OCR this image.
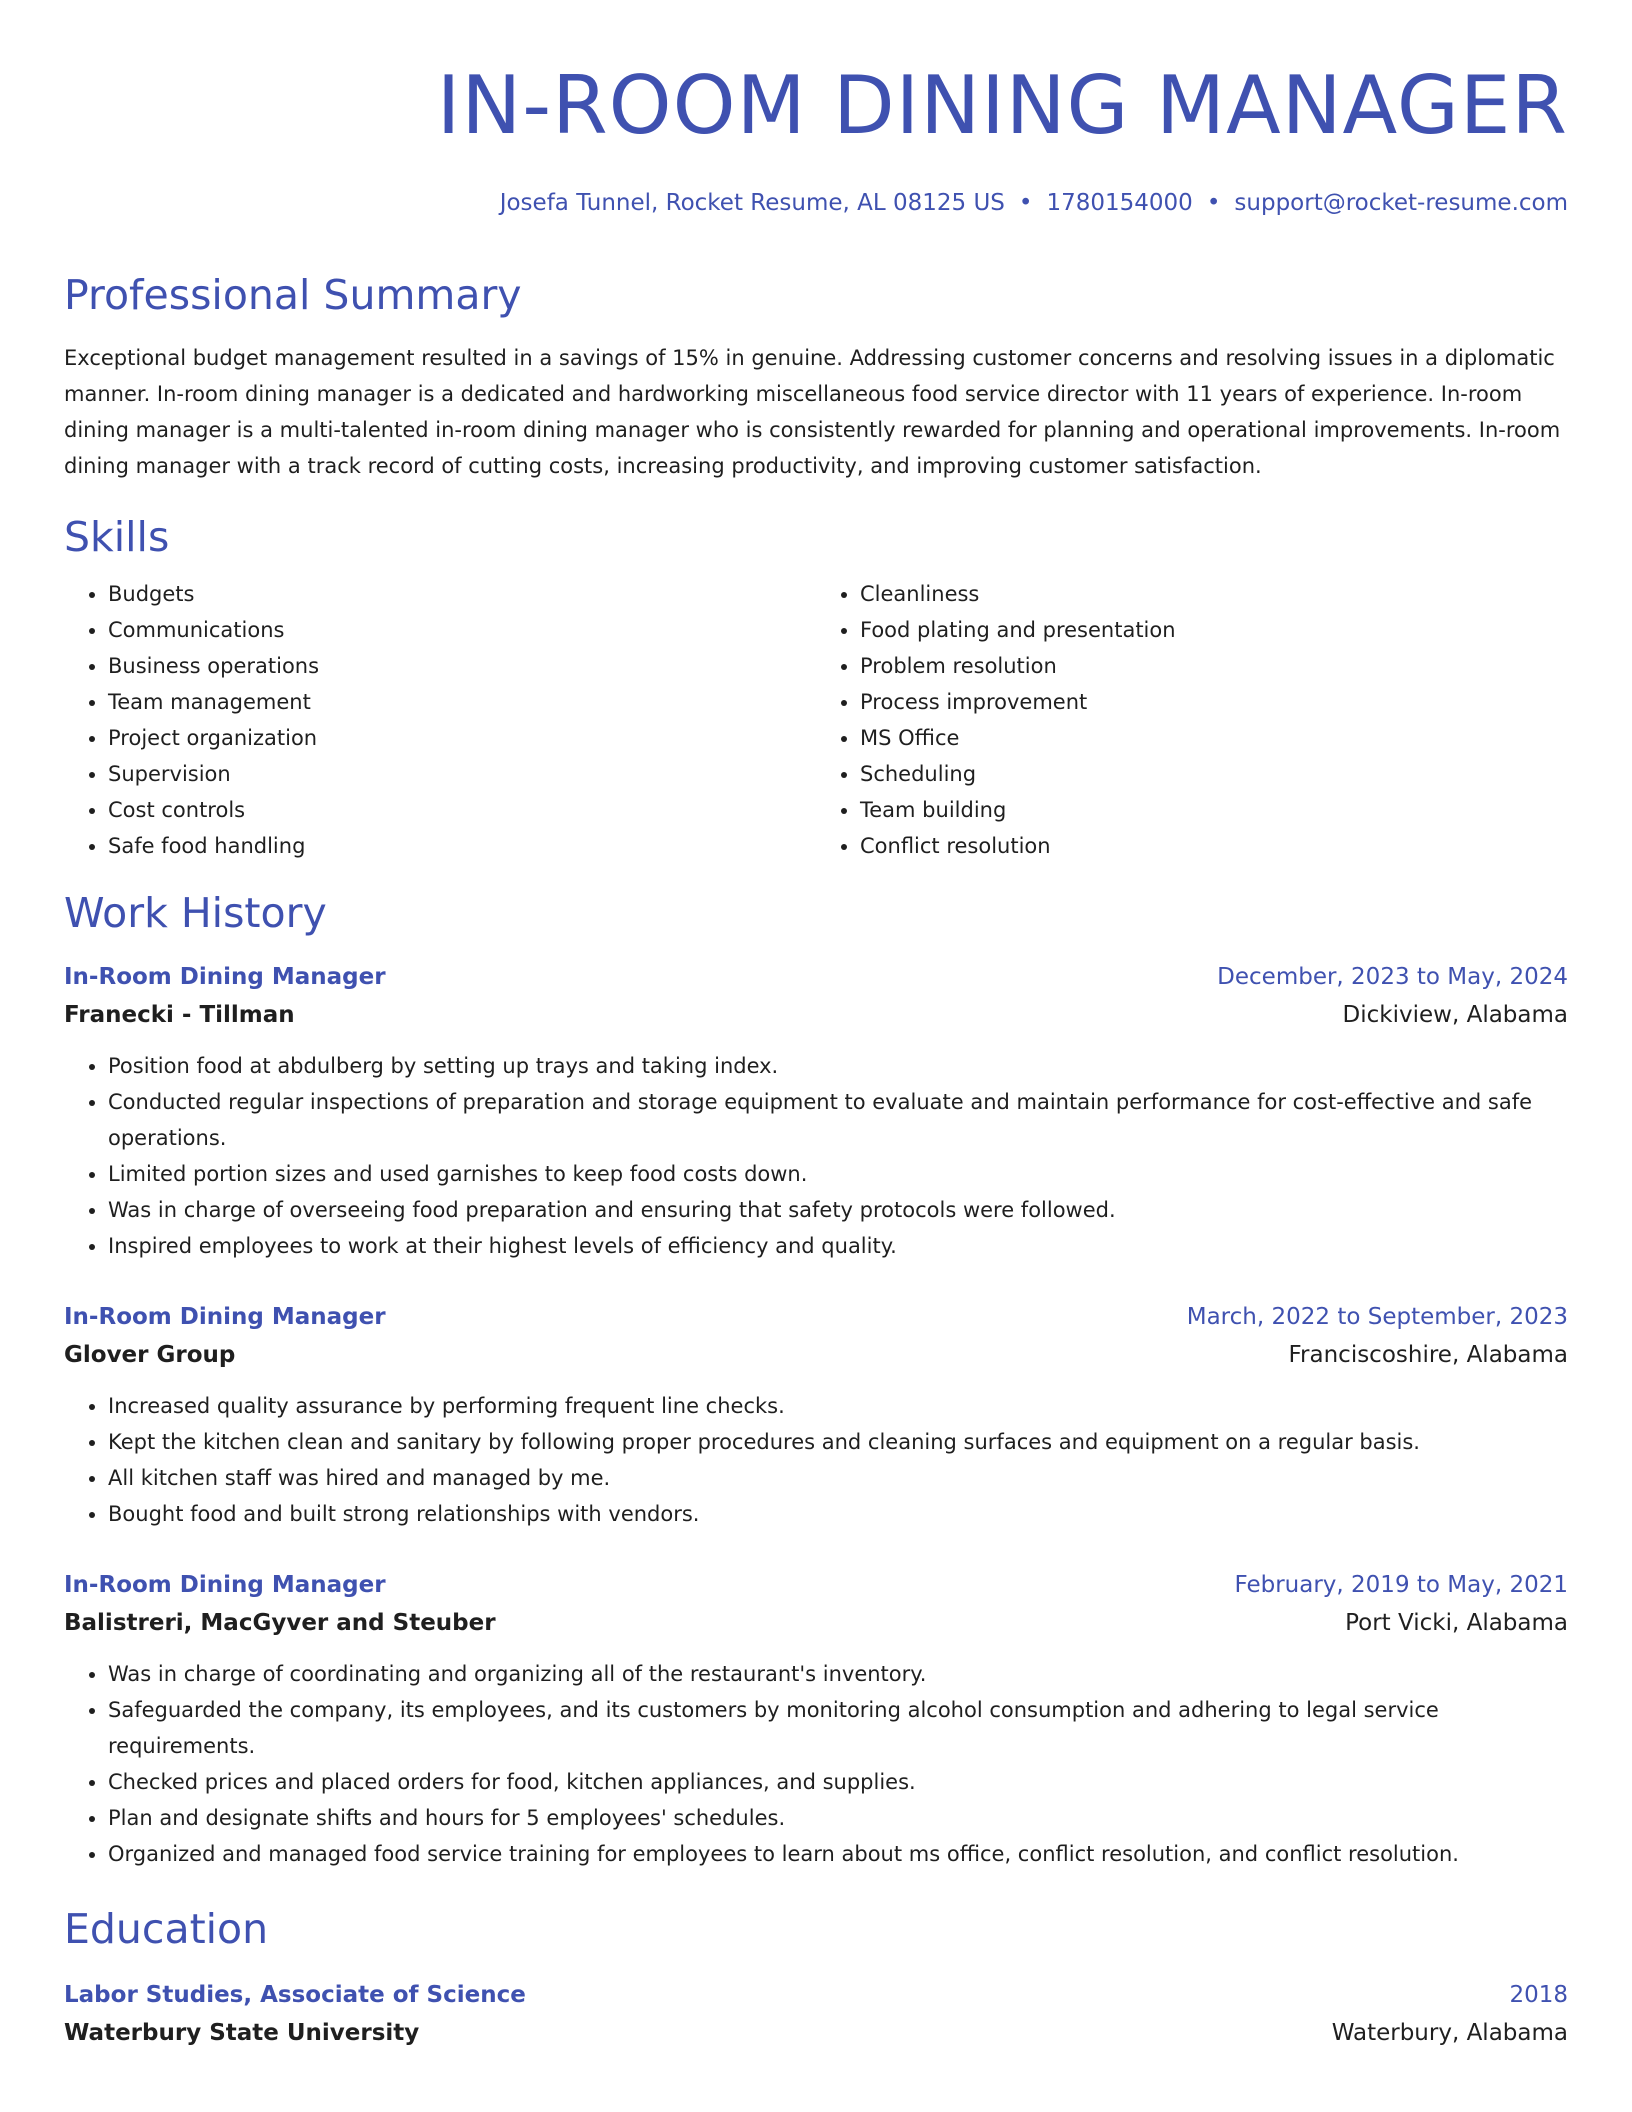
IN-ROOM DINING MANAGER
Josefa Tunnel, Rocket Resume, AL 08125 US • 1780154000 • support@rocket-resume.com
Professional Summary
Exceptional budget management resulted in a savings of 15% in genuine. Addressing customer concerns and resolving issues in a diplomatic manner. In-room dining manager is a dedicated and hardworking miscellaneous food service director with 11 years of experience. In-room dining manager is a multi-talented in-room dining manager who is consistently rewarded for planning and operational improvements. In-room dining manager with a track record of cutting costs, increasing productivity, and improving customer satisfaction.
Skills
• Budgets
• Communications
• Business operations
• Team management
• Project organization
• Supervision
• Cost controls
• Safe food handling
• Cleanliness
• Food plating and presentation
• Problem resolution
• Process improvement
• MS Office
• Scheduling
• Team building
• Conflict resolution
Work History
In-Room Dining Manager	December, 2023 to May, 2024
Franecki - Tillman	Dickiview, Alabama
• Position food at abdulberg by setting up trays and taking index.
• Conducted regular inspections of preparation and storage equipment to evaluate and maintain performance for cost-effective and safe operations.
• Limited portion sizes and used garnishes to keep food costs down.
• Was in charge of overseeing food preparation and ensuring that safety protocols were followed.
• Inspired employees to work at their highest levels of efficiency and quality.
In-Room Dining Manager	March, 2022 to September, 2023
Glover Group	Franciscoshire, Alabama
• Increased quality assurance by performing frequent line checks.
• Kept the kitchen clean and sanitary by following proper procedures and cleaning surfaces and equipment on a regular basis.
• All kitchen staff was hired and managed by me.
• Bought food and built strong relationships with vendors.
In-Room Dining Manager	February, 2019 to May, 2021
Balistreri, MacGyver and Steuber	Port Vicki, Alabama
• Was in charge of coordinating and organizing all of the restaurant's inventory.
• Safeguarded the company, its employees, and its customers by monitoring alcohol consumption and adhering to legal service requirements.
• Checked prices and placed orders for food, kitchen appliances, and supplies.
• Plan and designate shifts and hours for 5 employees' schedules.
• Organized and managed food service training for employees to learn about ms office, conflict resolution, and conflict resolution.
Education
Labor Studies, Associate of Science	2018
Waterbury State University	Waterbury, Alabama
